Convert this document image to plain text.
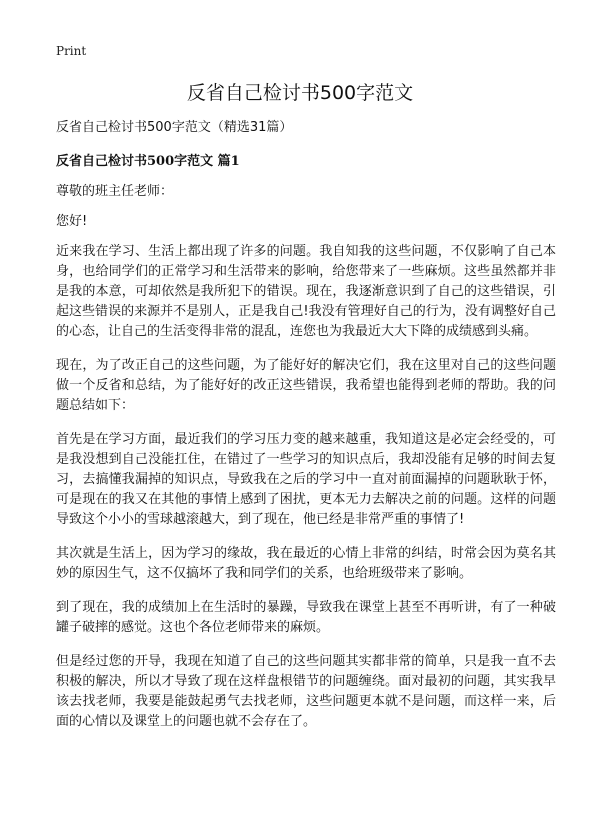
Print
反省自己检讨书500字范文

反省自己检讨书500字范文（精选31篇）

反省自己检讨书500字范文 篇1

尊敬的班主任老师：

您好!

近来我在学习、生活上都出现了许多的问题。我自知我的这些问题，不仅影响了自己本身，也给同学们的正常学习和生活带来的影响，给您带来了一些麻烦。这些虽然都并非是我的本意，可却依然是我所犯下的错误。现在，我逐渐意识到了自己的这些错误，引起这些错误的来源并不是别人，正是我自己!我没有管理好自己的行为，没有调整好自己的心态，让自己的生活变得非常的混乱，连您也为我最近大大下降的成绩感到头痛。

现在，为了改正自己的这些问题，为了能好好的解决它们，我在这里对自己的这些问题做一个反省和总结，为了能好好的改正这些错误，我希望也能得到老师的帮助。我的问题总结如下：

首先是在学习方面，最近我们的学习压力变的越来越重，我知道这是必定会经受的，可是我没想到自己没能扛住，在错过了一些学习的知识点后，我却没能有足够的时间去复习，去搞懂我漏掉的知识点，导致我在之后的学习中一直对前面漏掉的问题耿耿于怀，可是现在的我又在其他的事情上感到了困扰，更本无力去解决之前的问题。这样的问题导致这个小小的雪球越滚越大，到了现在，他已经是非常严重的事情了!

其次就是生活上，因为学习的缘故，我在最近的心情上非常的纠结，时常会因为莫名其妙的原因生气，这不仅搞坏了我和同学们的关系，也给班级带来了影响。

到了现在，我的成绩加上在生活时的暴躁，导致我在课堂上甚至不再听讲，有了一种破罐子破摔的感觉。这也个各位老师带来的麻烦。

但是经过您的开导，我现在知道了自己的这些问题其实都非常的简单，只是我一直不去积极的解决，所以才导致了现在这样盘根错节的问题缠绕。面对最初的问题，其实我早该去找老师，我要是能鼓起勇气去找老师，这些问题更本就不是问题，而这样一来，后面的心情以及课堂上的问题也就不会存在了。
